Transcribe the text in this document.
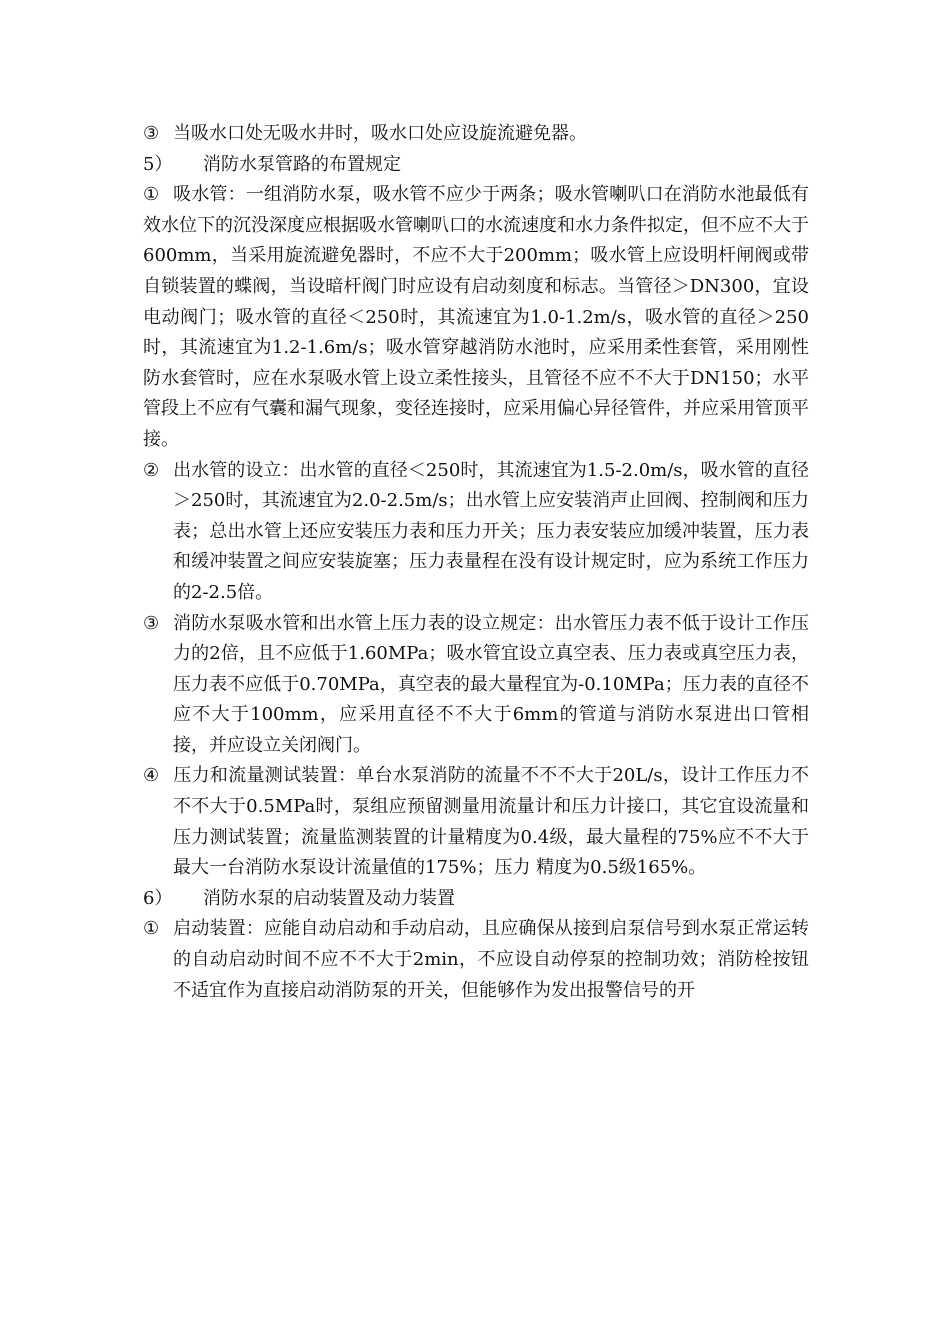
③ 当吸水口处无吸水井时，吸水口处应设旋流避免器。

5） 消防水泵管路的布置规定

① 吸水管：一组消防水泵，吸水管不应少于两条；吸水管喇叭口在消防水池最低有效水位下的沉没深度应根据吸水管喇叭口的水流速度和水力条件拟定，但不应不大于600mm，当采用旋流避免器时，不应不大于200mm；吸水管上应设明杆闸阀或带自锁装置的蝶阀，当设暗杆阀门时应设有启动刻度和标志。当管径＞DN300，宜设电动阀门；吸水管的直径＜250时，其流速宜为1.0-1.2m/s，吸水管的直径＞250时，其流速宜为1.2-1.6m/s；吸水管穿越消防水池时，应采用柔性套管，采用刚性防水套管时，应在水泵吸水管上设立柔性接头，且管径不应不不大于DN150；水平管段上不应有气囊和漏气现象，变径连接时，应采用偏心异径管件，并应采用管顶平接。

② 出水管的设立：出水管的直径＜250时，其流速宜为1.5-2.0m/s，吸水管的直径＞250时，其流速宜为2.0-2.5m/s；出水管上应安装消声止回阀、控制阀和压力表；总出水管上还应安装压力表和压力开关；压力表安装应加缓冲装置，压力表和缓冲装置之间应安装旋塞；压力表量程在没有设计规定时，应为系统工作压力的2-2.5倍。

③ 消防水泵吸水管和出水管上压力表的设立规定：出水管压力表不低于设计工作压力的2倍，且不应低于1.60MPa；吸水管宜设立真空表、压力表或真空压力表，压力表不应低于0.70MPa，真空表的最大量程宜为-0.10MPa；压力表的直径不应不大于100mm，应采用直径不不大于6mm的管道与消防水泵进出口管相接，并应设立关闭阀门。

④ 压力和流量测试装置：单台水泵消防的流量不不不大于20L/s，设计工作压力不不不大于0.5MPa时，泵组应预留测量用流量计和压力计接口，其它宜设流量和压力测试装置；流量监测装置的计量精度为0.4级，最大量程的75%应不不大于最大一台消防水泵设计流量值的175%；压力 精度为0.5级165%。

6） 消防水泵的启动装置及动力装置

① 启动装置：应能自动启动和手动启动，且应确保从接到启泵信号到水泵正常运转的自动启动时间不应不不大于2min，不应设自动停泵的控制功效；消防栓按钮不适宜作为直接启动消防泵的开关，但能够作为发出报警信号的开
